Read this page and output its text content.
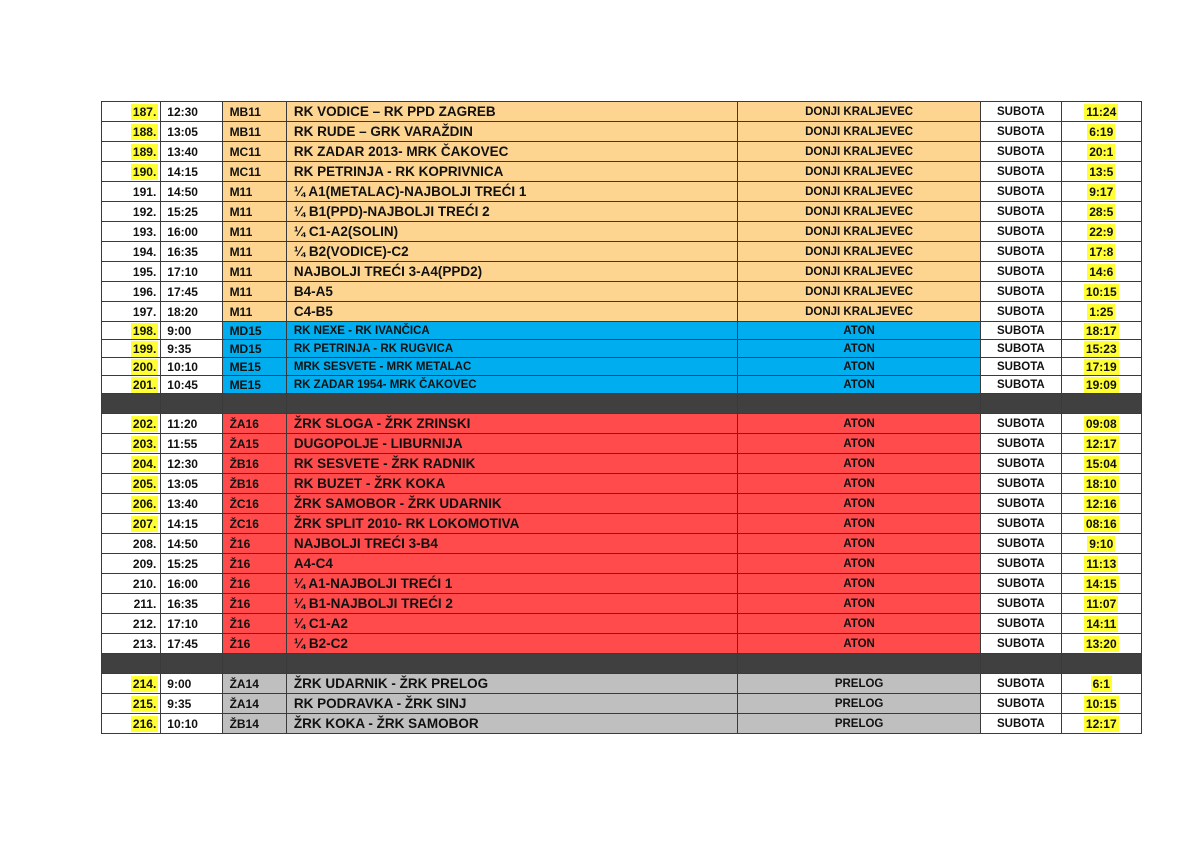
187.	12:30	MB11	RK VODICE – RK PPD ZAGREB	DONJI KRALJEVEC	SUBOTA	11:24
188.	13:05	MB11	RK RUDE – GRK VARAŽDIN	DONJI KRALJEVEC	SUBOTA	6:19
189.	13:40	MC11	RK ZADAR 2013- MRK ČAKOVEC	DONJI KRALJEVEC	SUBOTA	20:1
190.	14:15	MC11	RK PETRINJA - RK KOPRIVNICA	DONJI KRALJEVEC	SUBOTA	13:5
191.	14:50	M11	¼ A1(METALAC)-NAJBOLJI TREĆI 1	DONJI KRALJEVEC	SUBOTA	9:17
192.	15:25	M11	¼ B1(PPD)-NAJBOLJI TREĆI 2	DONJI KRALJEVEC	SUBOTA	28:5
193.	16:00	M11	¼ C1-A2(SOLIN)	DONJI KRALJEVEC	SUBOTA	22:9
194.	16:35	M11	¼ B2(VODICE)-C2	DONJI KRALJEVEC	SUBOTA	17:8
195.	17:10	M11	NAJBOLJI TREĆI 3-A4(PPD2)	DONJI KRALJEVEC	SUBOTA	14:6
196.	17:45	M11	B4-A5	DONJI KRALJEVEC	SUBOTA	10:15
197.	18:20	M11	C4-B5	DONJI KRALJEVEC	SUBOTA	1:25
198.	9:00	MD15	RK NEXE - RK IVANČICA	ATON	SUBOTA	18:17
199.	9:35	MD15	RK PETRINJA - RK RUGVICA	ATON	SUBOTA	15:23
200.	10:10	ME15	MRK SESVETE - MRK METALAC	ATON	SUBOTA	17:19
201.	10:45	ME15	RK ZADAR 1954- MRK ČAKOVEC	ATON	SUBOTA	19:09

202.	11:20	ŽA16	ŽRK SLOGA - ŽRK ZRINSKI	ATON	SUBOTA	09:08
203.	11:55	ŽA15	DUGOPOLJE - LIBURNIJA	ATON	SUBOTA	12:17
204.	12:30	ŽB16	RK SESVETE - ŽRK RADNIK	ATON	SUBOTA	15:04
205.	13:05	ŽB16	RK BUZET - ŽRK KOKA	ATON	SUBOTA	18:10
206.	13:40	ŽC16	ŽRK SAMOBOR - ŽRK UDARNIK	ATON	SUBOTA	12:16
207.	14:15	ŽC16	ŽRK SPLIT 2010- RK LOKOMOTIVA	ATON	SUBOTA	08:16
208.	14:50	Ž16	NAJBOLJI TREĆI 3-B4	ATON	SUBOTA	9:10
209.	15:25	Ž16	A4-C4	ATON	SUBOTA	11:13
210.	16:00	Ž16	¼ A1-NAJBOLJI TREĆI 1	ATON	SUBOTA	14:15
211.	16:35	Ž16	¼ B1-NAJBOLJI TREĆI 2	ATON	SUBOTA	11:07
212.	17:10	Ž16	¼ C1-A2	ATON	SUBOTA	14:11
213.	17:45	Ž16	¼ B2-C2	ATON	SUBOTA	13:20

214.	9:00	ŽA14	ŽRK UDARNIK - ŽRK PRELOG	PRELOG	SUBOTA	6:1
215.	9:35	ŽA14	RK PODRAVKA - ŽRK SINJ	PRELOG	SUBOTA	10:15
216.	10:10	ŽB14	ŽRK KOKA - ŽRK SAMOBOR	PRELOG	SUBOTA	12:17
